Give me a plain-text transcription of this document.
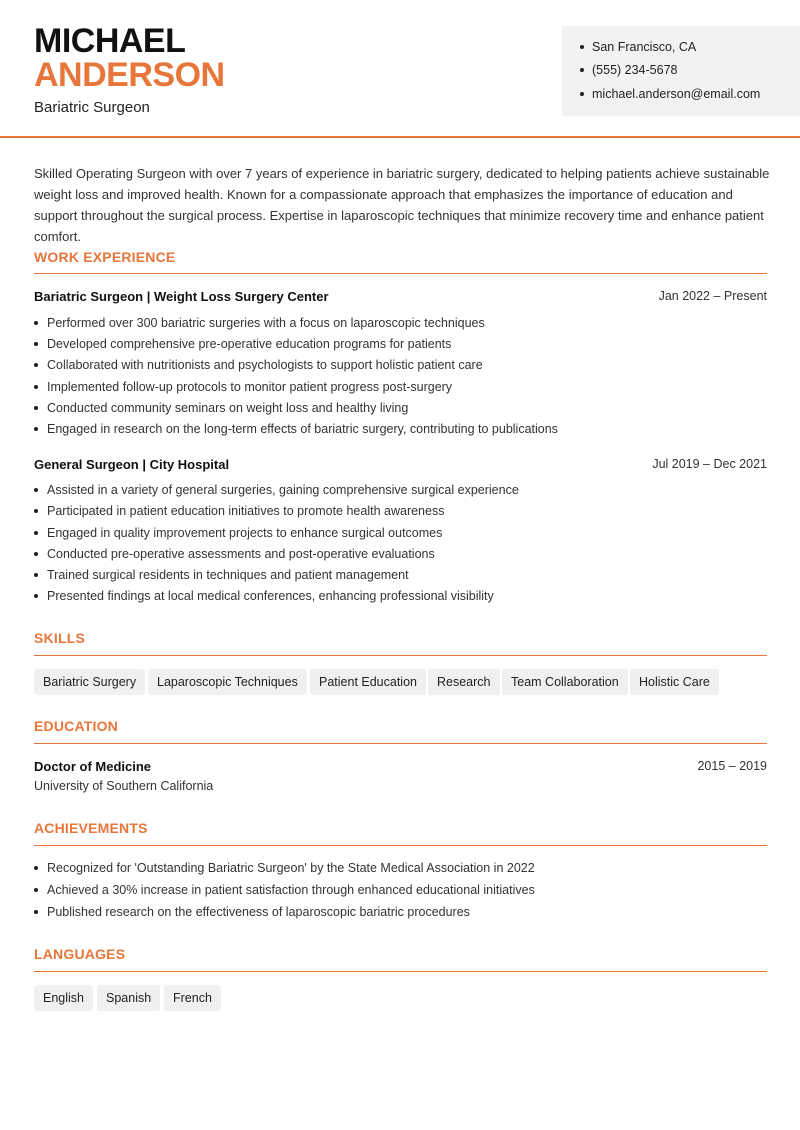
MICHAEL
ANDERSON
Bariatric Surgeon
San Francisco, CA
(555) 234-5678
michael.anderson@email.com
Skilled Operating Surgeon with over 7 years of experience in bariatric surgery, dedicated to helping patients achieve sustainable weight loss and improved health. Known for a compassionate approach that emphasizes the importance of education and support throughout the surgical process. Expertise in laparoscopic techniques that minimize recovery time and enhance patient comfort.
WORK EXPERIENCE
Bariatric Surgeon | Weight Loss Surgery Center	Jan 2022 – Present
Performed over 300 bariatric surgeries with a focus on laparoscopic techniques
Developed comprehensive pre-operative education programs for patients
Collaborated with nutritionists and psychologists to support holistic patient care
Implemented follow-up protocols to monitor patient progress post-surgery
Conducted community seminars on weight loss and healthy living
Engaged in research on the long-term effects of bariatric surgery, contributing to publications
General Surgeon | City Hospital	Jul 2019 – Dec 2021
Assisted in a variety of general surgeries, gaining comprehensive surgical experience
Participated in patient education initiatives to promote health awareness
Engaged in quality improvement projects to enhance surgical outcomes
Conducted pre-operative assessments and post-operative evaluations
Trained surgical residents in techniques and patient management
Presented findings at local medical conferences, enhancing professional visibility
SKILLS
Bariatric Surgery	Laparoscopic Techniques	Patient Education	Research	Team Collaboration	Holistic Care
EDUCATION
Doctor of Medicine	2015 – 2019
University of Southern California
ACHIEVEMENTS
Recognized for 'Outstanding Bariatric Surgeon' by the State Medical Association in 2022
Achieved a 30% increase in patient satisfaction through enhanced educational initiatives
Published research on the effectiveness of laparoscopic bariatric procedures
LANGUAGES
English	Spanish	French
